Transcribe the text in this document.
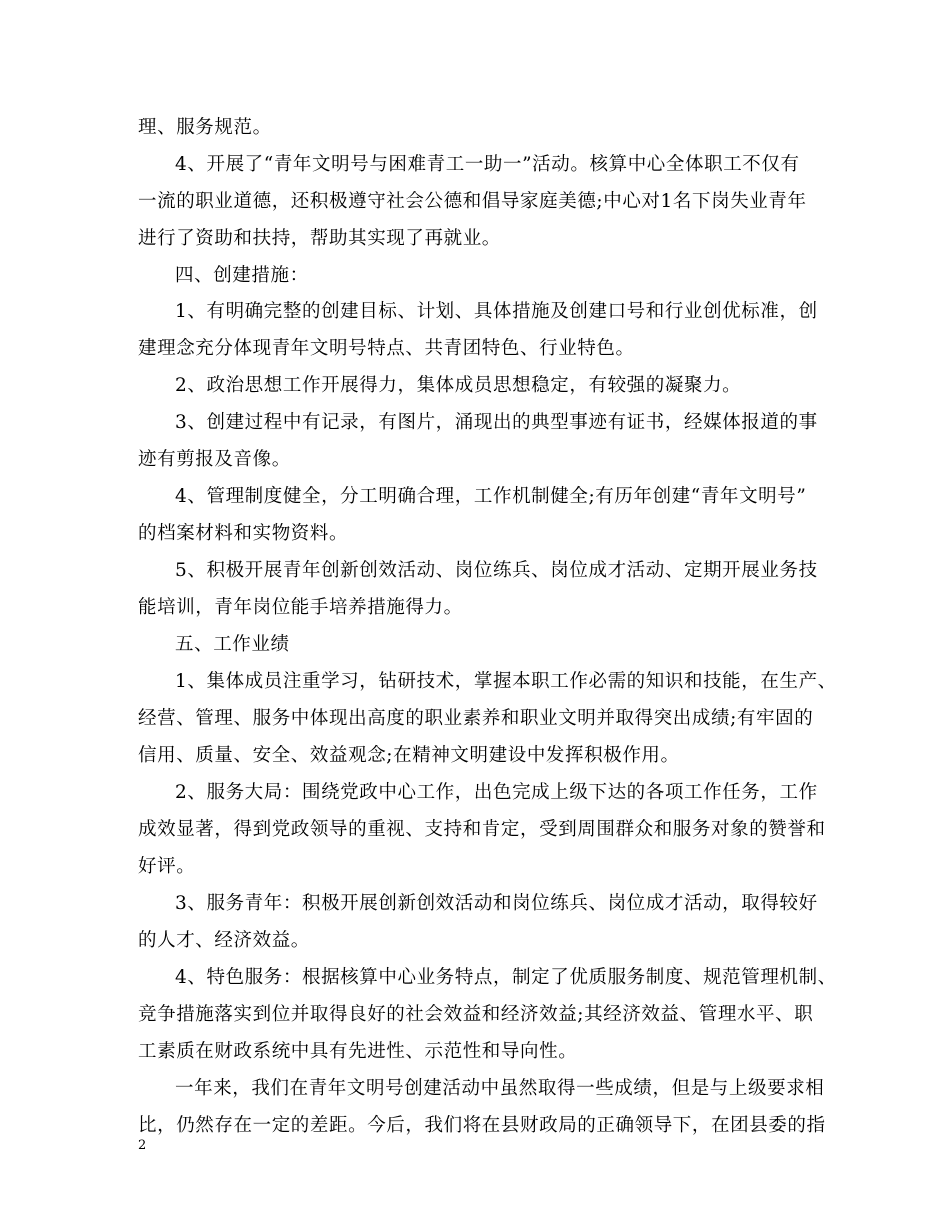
理、服务规范。
4、开展了“青年文明号与困难青工一助一”活动。核算中心全体职工不仅有
一流的职业道德，还积极遵守社会公德和倡导家庭美德;中心对1名下岗失业青年
进行了资助和扶持，帮助其实现了再就业。
四、创建措施：
1、有明确完整的创建目标、计划、具体措施及创建口号和行业创优标准，创
建理念充分体现青年文明号特点、共青团特色、行业特色。
2、政治思想工作开展得力，集体成员思想稳定，有较强的凝聚力。
3、创建过程中有记录，有图片，涌现出的典型事迹有证书，经媒体报道的事
迹有剪报及音像。
4、管理制度健全，分工明确合理，工作机制健全;有历年创建“青年文明号”
的档案材料和实物资料。
5、积极开展青年创新创效活动、岗位练兵、岗位成才活动、定期开展业务技
能培训，青年岗位能手培养措施得力。
五、工作业绩
1、集体成员注重学习，钻研技术，掌握本职工作必需的知识和技能，在生产、
经营、管理、服务中体现出高度的职业素养和职业文明并取得突出成绩;有牢固的
信用、质量、安全、效益观念;在精神文明建设中发挥积极作用。
2、服务大局：围绕党政中心工作，出色完成上级下达的各项工作任务，工作
成效显著，得到党政领导的重视、支持和肯定，受到周围群众和服务对象的赞誉和
好评。
3、服务青年：积极开展创新创效活动和岗位练兵、岗位成才活动，取得较好
的人才、经济效益。
4、特色服务：根据核算中心业务特点，制定了优质服务制度、规范管理机制、
竞争措施落实到位并取得良好的社会效益和经济效益;其经济效益、管理水平、职
工素质在财政系统中具有先进性、示范性和导向性。
一年来，我们在青年文明号创建活动中虽然取得一些成绩，但是与上级要求相
比，仍然存在一定的差距。今后，我们将在县财政局的正确领导下，在团县委的指
2
